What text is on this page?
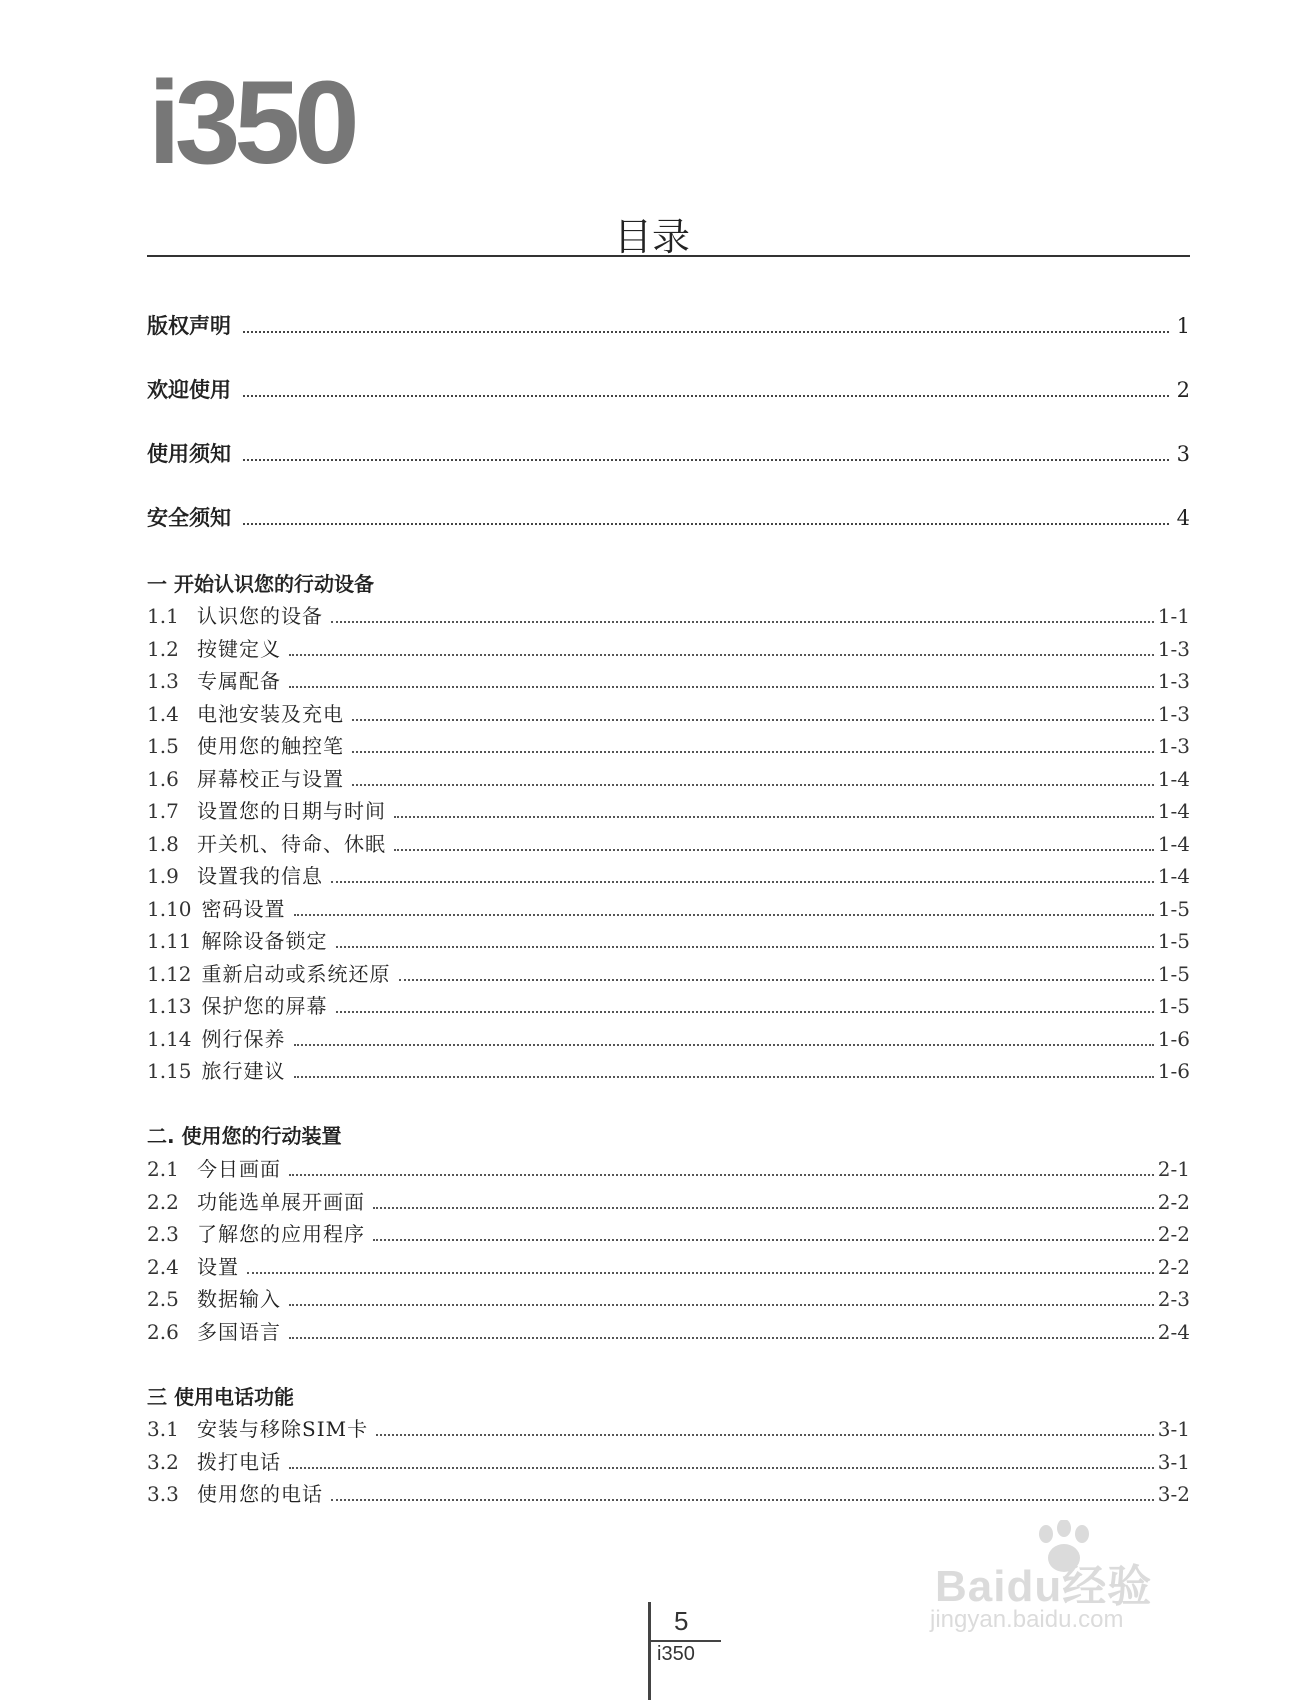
i350
目录
版权声明	1
欢迎使用	2
使用须知	3
安全须知	4
一 开始认识您的行动设备
1.1 认识您的设备	1-1
1.2 按键定义	1-3
1.3 专属配备	1-3
1.4 电池安装及充电	1-3
1.5 使用您的触控笔	1-3
1.6 屏幕校正与设置	1-4
1.7 设置您的日期与时间	1-4
1.8 开关机、待命、休眠	1-4
1.9 设置我的信息	1-4
1.10 密码设置	1-5
1.11 解除设备锁定	1-5
1.12 重新启动或系统还原	1-5
1.13 保护您的屏幕	1-5
1.14 例行保养	1-6
1.15 旅行建议	1-6
二. 使用您的行动装置
2.1 今日画面	2-1
2.2 功能选单展开画面	2-2
2.3 了解您的应用程序	2-2
2.4 设置	2-2
2.5 数据输入	2-3
2.6 多国语言	2-4
三 使用电话功能
3.1 安装与移除SIM卡	3-1
3.2 拨打电话	3-1
3.3 使用您的电话	3-2
5
i350
Baidu经验
jingyan.baidu.com
